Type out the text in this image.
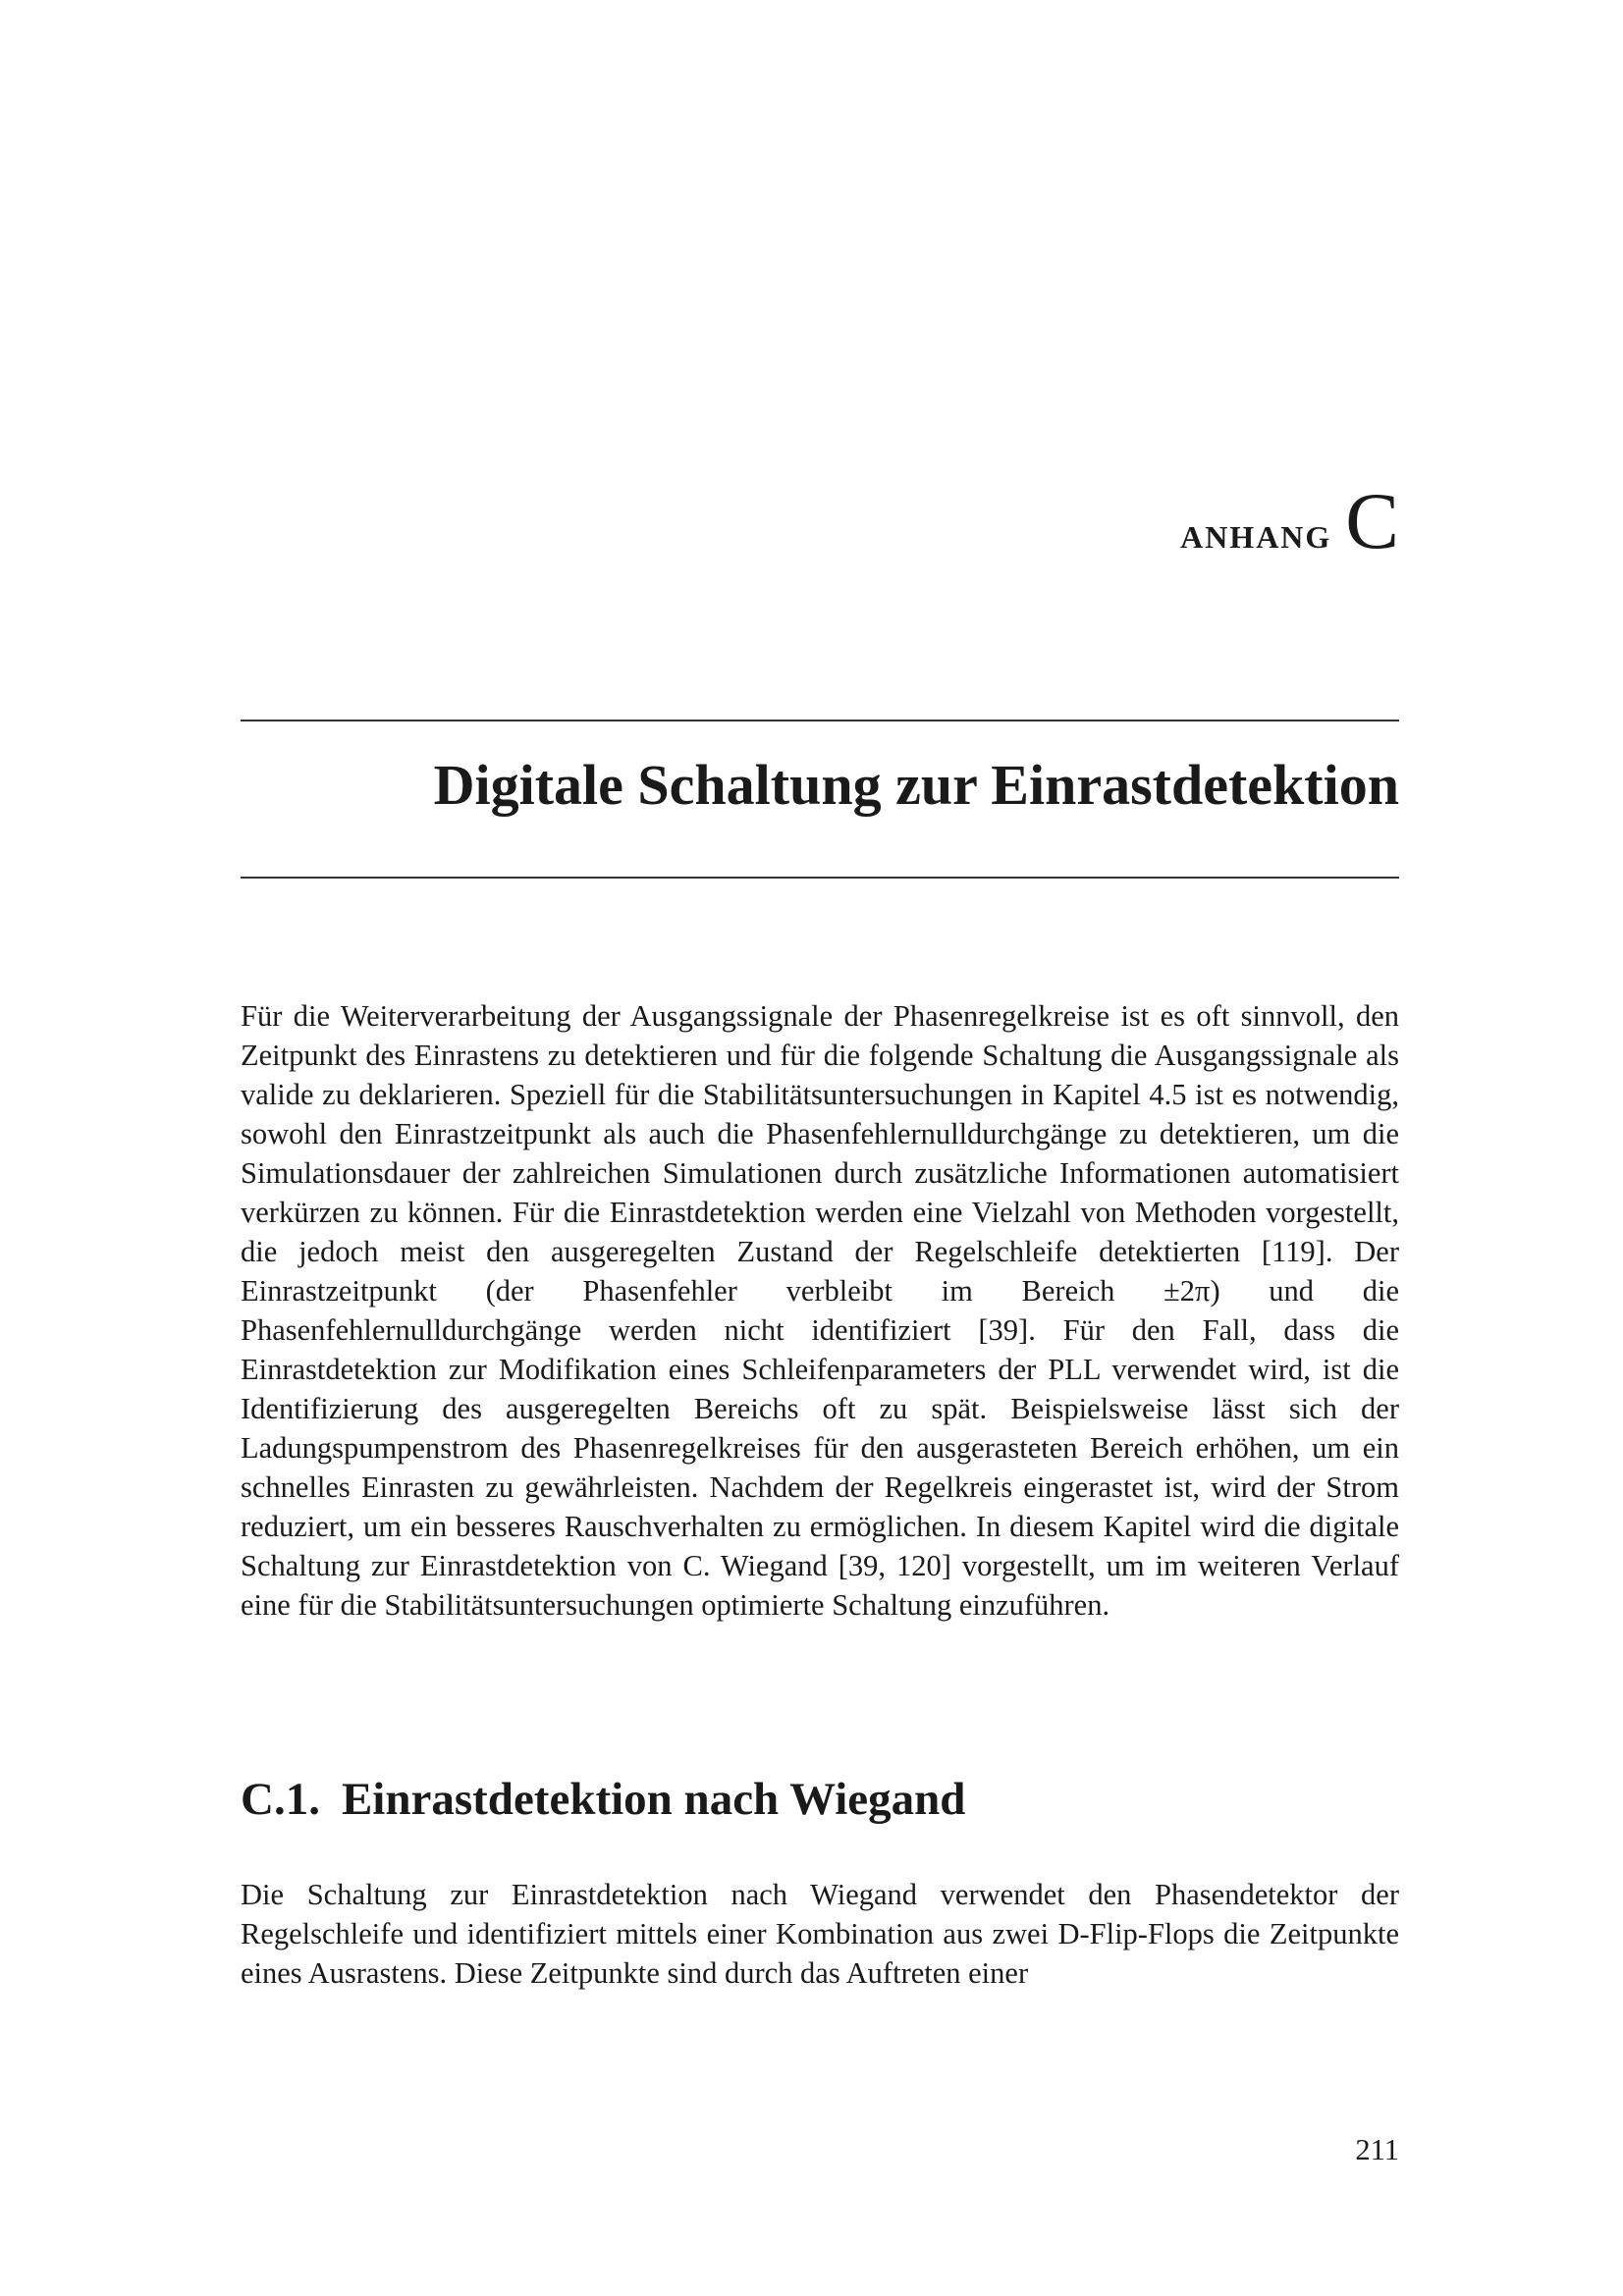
anhang C
Digitale Schaltung zur Einrastdetektion

Für die Weiterverarbeitung der Ausgangssignale der Phasenregelkreise ist es oft sinnvoll, den Zeitpunkt des Einrastens zu detektieren und für die folgende Schaltung die Ausgangssignale als valide zu deklarieren. Speziell für die Stabilitätsuntersuchungen in Kapitel 4.5 ist es notwendig, sowohl den Einrastzeitpunkt als auch die Phasenfehlernulldurchgänge zu detektieren, um die Simulationsdauer der zahlreichen Simulationen durch zusätzliche Informationen automatisiert verkürzen zu können. Für die Einrastdetektion werden eine Vielzahl von Methoden vorgestellt, die jedoch meist den ausgeregelten Zustand der Regelschleife detektierten [119]. Der Einrastzeitpunkt (der Phasenfehler verbleibt im Bereich ±2π) und die Phasenfehlernulldurchgänge werden nicht identifiziert [39]. Für den Fall, dass die Einrastdetektion zur Modifikation eines Schleifenparameters der PLL verwendet wird, ist die Identifizierung des ausgeregelten Bereichs oft zu spät. Beispielsweise lässt sich der Ladungspumpenstrom des Phasenregelkreises für den ausgerasteten Bereich erhöhen, um ein schnelles Einrasten zu gewährleisten. Nachdem der Regelkreis eingerastet ist, wird der Strom reduziert, um ein besseres Rauschverhalten zu ermöglichen. In diesem Kapitel wird die digitale Schaltung zur Einrastdetektion von C. Wiegand [39, 120] vorgestellt, um im weiteren Verlauf eine für die Stabilitätsuntersuchungen optimierte Schaltung einzuführen.

C.1. Einrastdetektion nach Wiegand

Die Schaltung zur Einrastdetektion nach Wiegand verwendet den Phasendetektor der Regelschleife und identifiziert mittels einer Kombination aus zwei D-Flip-Flops die Zeitpunkte eines Ausrastens. Diese Zeitpunkte sind durch das Auftreten einer

211
